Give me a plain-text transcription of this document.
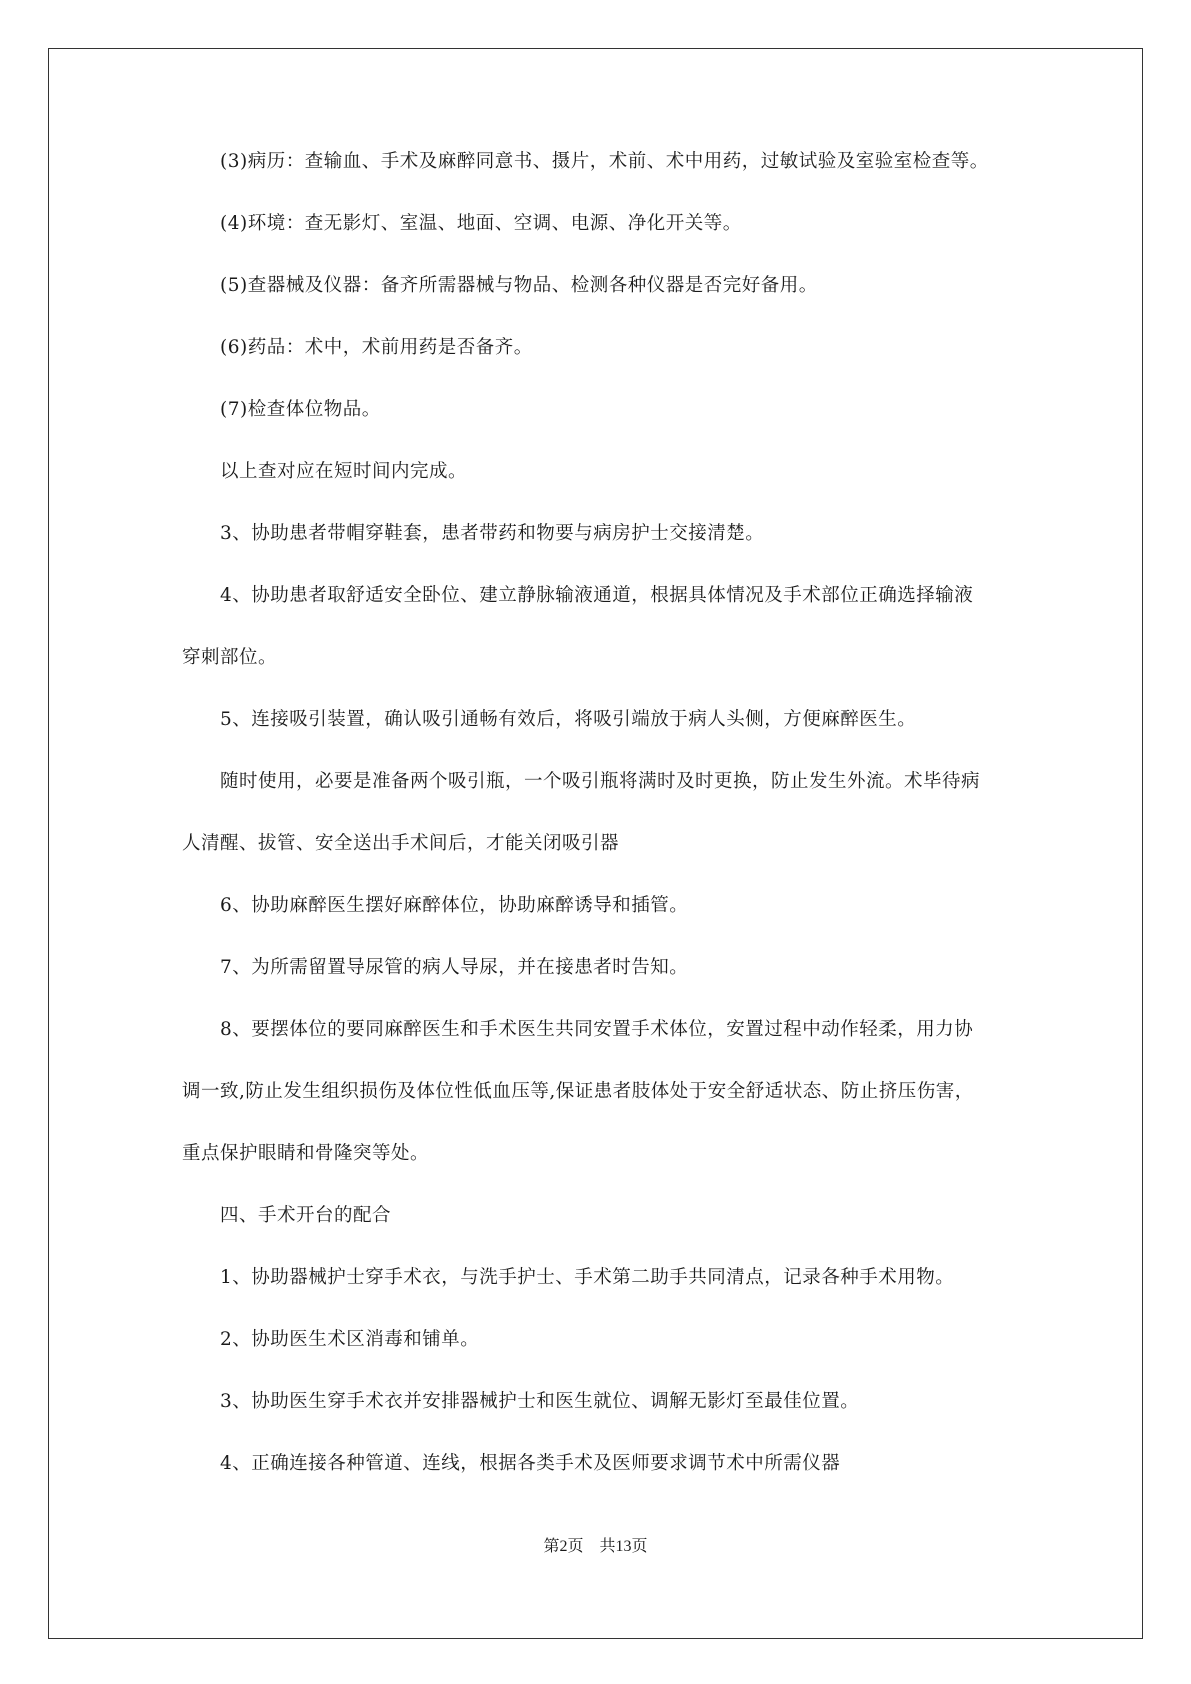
(3)病历：查输血、手术及麻醉同意书、摄片，术前、术中用药，过敏试验及室验室检查等。
(4)环境：查无影灯、室温、地面、空调、电源、净化开关等。
(5)查器械及仪器：备齐所需器械与物品、检测各种仪器是否完好备用。
(6)药品：术中，术前用药是否备齐。
(7)检查体位物品。
以上查对应在短时间内完成。
3、协助患者带帽穿鞋套，患者带药和物要与病房护士交接清楚。
4、协助患者取舒适安全卧位、建立静脉输液通道，根据具体情况及手术部位正确选择输液
穿刺部位。
5、连接吸引装置，确认吸引通畅有效后，将吸引端放于病人头侧，方便麻醉医生。
随时使用，必要是准备两个吸引瓶，一个吸引瓶将满时及时更换，防止发生外流。术毕待病
人清醒、拔管、安全送出手术间后，才能关闭吸引器
6、协助麻醉医生摆好麻醉体位，协助麻醉诱导和插管。
7、为所需留置导尿管的病人导尿，并在接患者时告知。
8、要摆体位的要同麻醉医生和手术医生共同安置手术体位，安置过程中动作轻柔，用力协
调一致,防止发生组织损伤及体位性低血压等,保证患者肢体处于安全舒适状态、防止挤压伤害，
重点保护眼睛和骨隆突等处。
四、手术开台的配合
1、协助器械护士穿手术衣，与洗手护士、手术第二助手共同清点，记录各种手术用物。
2、协助医生术区消毒和铺单。
3、协助医生穿手术衣并安排器械护士和医生就位、调解无影灯至最佳位置。
4、正确连接各种管道、连线，根据各类手术及医师要求调节术中所需仪器
第2页　共13页
